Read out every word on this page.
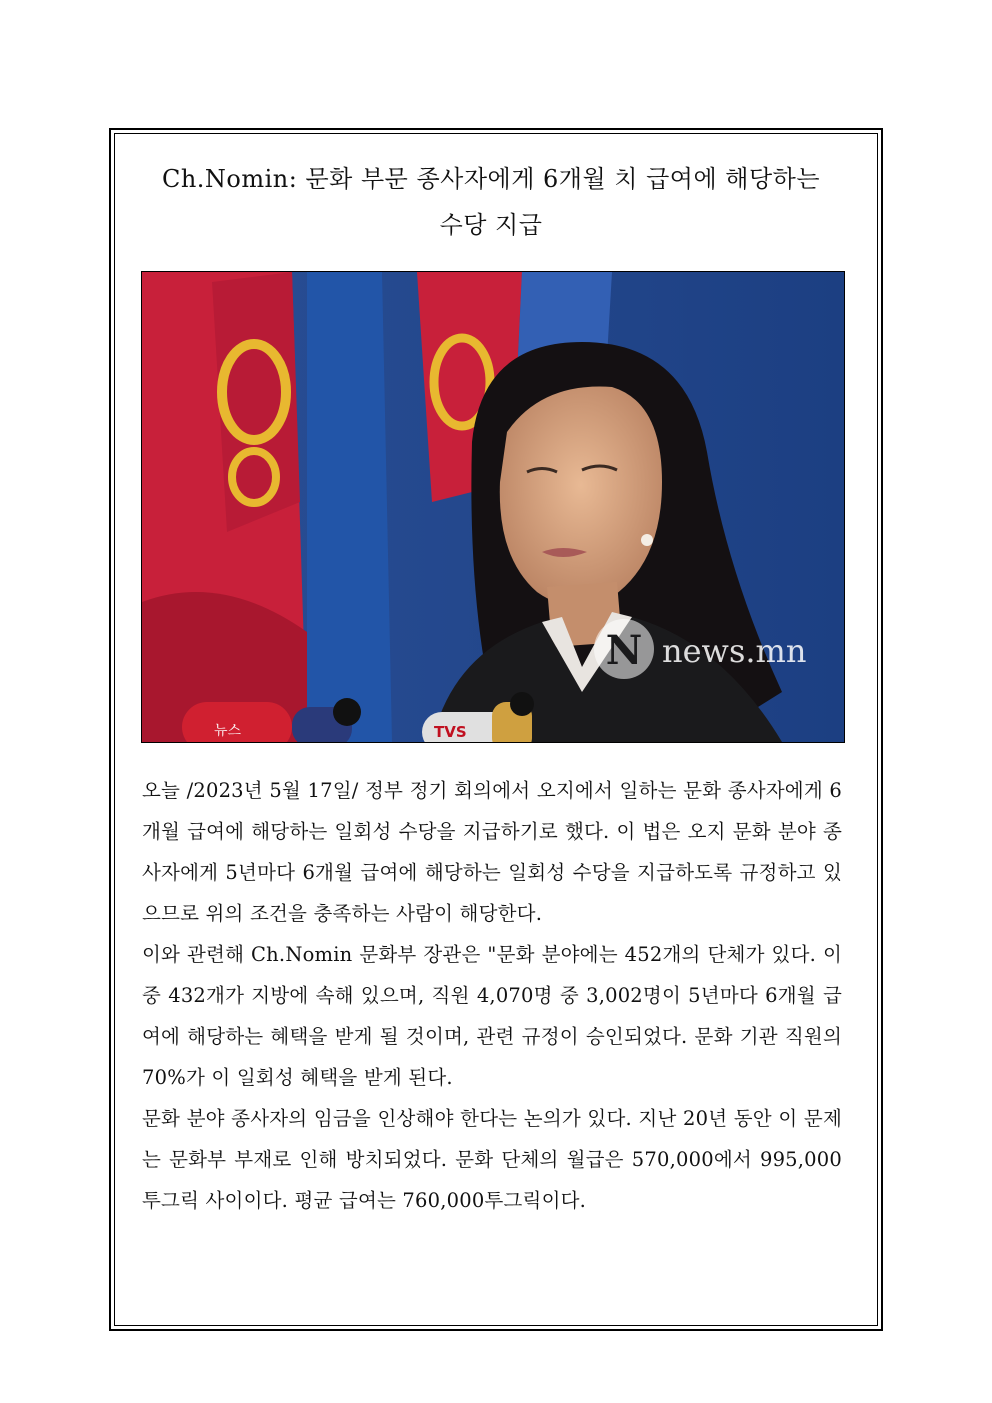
Ch.Nomin: 문화 부문 종사자에게 6개월 치 급여에 해당하는
수당 지급
뉴스	TVS
N news.mn

오늘 /2023년 5월 17일/ 정부 정기 회의에서 오지에서 일하는 문화 종사자에게 6개월 급여에 해당하는 일회성 수당을 지급하기로 했다. 이 법은 오지 문화 분야 종사자에게 5년마다 6개월 급여에 해당하는 일회성 수당을 지급하도록 규정하고 있으므로 위의 조건을 충족하는 사람이 해당한다.

이와 관련해 Ch.Nomin 문화부 장관은 "문화 분야에는 452개의 단체가 있다. 이 중 432개가 지방에 속해 있으며, 직원 4,070명 중 3,002명이 5년마다 6개월 급여에 해당하는 혜택을 받게 될 것이며, 관련 규정이 승인되었다. 문화 기관 직원의 70%가 이 일회성 혜택을 받게 된다.

문화 분야 종사자의 임금을 인상해야 한다는 논의가 있다. 지난 20년 동안 이 문제는 문화부 부재로 인해 방치되었다. 문화 단체의 월급은 570,000에서 995,000투그릭 사이이다. 평균 급여는 760,000투그릭이다.
